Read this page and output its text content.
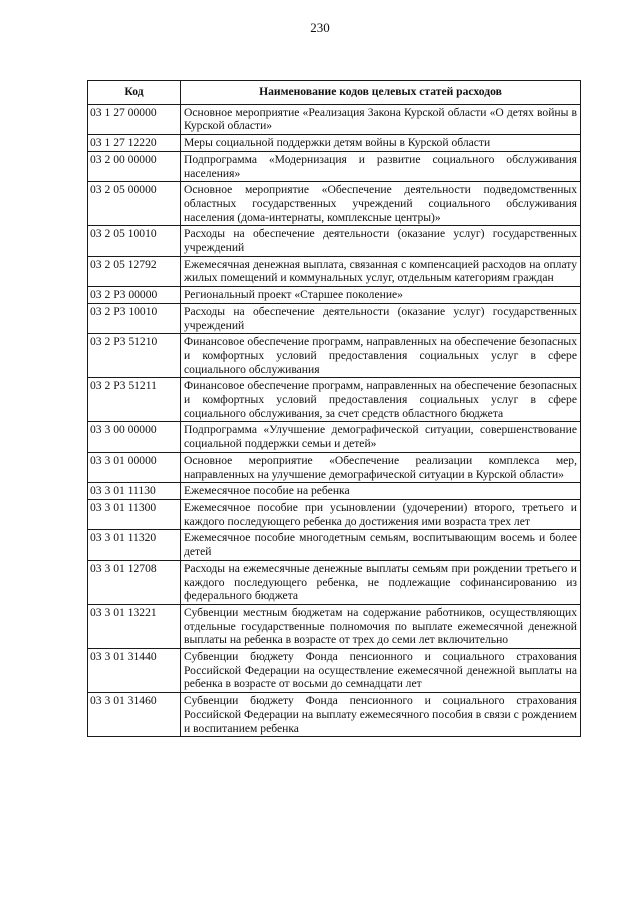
230
Код	Наименование кодов целевых статей расходов
03 1 27 00000	Основное мероприятие «Реализация Закона Курской области «О детях войны в Курской области»
03 1 27 12220	Меры социальной поддержки детям войны в Курской области
03 2 00 00000	Подпрограмма «Модернизация и развитие социального обслуживания населения»
03 2 05 00000	Основное мероприятие «Обеспечение деятельности подведомственных областных государственных учреждений социального обслуживания населения (дома-интернаты, комплексные центры)»
03 2 05 10010	Расходы на обеспечение деятельности (оказание услуг) государственных учреждений
03 2 05 12792	Ежемесячная денежная выплата, связанная с компенсацией расходов на оплату жилых помещений и коммунальных услуг, отдельным категориям граждан
03 2 P3 00000	Региональный проект «Старшее поколение»
03 2 P3 10010	Расходы на обеспечение деятельности (оказание услуг) государственных учреждений
03 2 P3 51210	Финансовое обеспечение программ, направленных на обеспечение безопасных и комфортных условий предоставления социальных услуг в сфере социального обслуживания
03 2 P3 51211	Финансовое обеспечение программ, направленных на обеспечение безопасных и комфортных условий предоставления социальных услуг в сфере социального обслуживания, за счет средств областного бюджета
03 3 00 00000	Подпрограмма «Улучшение демографической ситуации, совершенствование социальной поддержки семьи и детей»
03 3 01 00000	Основное мероприятие «Обеспечение реализации комплекса мер, направленных на улучшение демографической ситуации в Курской области»
03 3 01 11130	Ежемесячное пособие на ребенка
03 3 01 11300	Ежемесячное пособие при усыновлении (удочерении) второго, третьего и каждого последующего ребенка до достижения ими возраста трех лет
03 3 01 11320	Ежемесячное пособие многодетным семьям, воспитывающим восемь и более детей
03 3 01 12708	Расходы на ежемесячные денежные выплаты семьям при рождении третьего и каждого последующего ребенка, не подлежащие софинансированию из федерального бюджета
03 3 01 13221	Субвенции местным бюджетам на содержание работников, осуществляющих отдельные государственные полномочия по выплате ежемесячной денежной выплаты на ребенка в возрасте от трех до семи лет включительно
03 3 01 31440	Субвенции бюджету Фонда пенсионного и социального страхования Российской Федерации на осуществление ежемесячной денежной выплаты на ребенка в возрасте от восьми до семнадцати лет
03 3 01 31460	Субвенции бюджету Фонда пенсионного и социального страхования Российской Федерации на выплату ежемесячного пособия в связи с рождением и воспитанием ребенка
